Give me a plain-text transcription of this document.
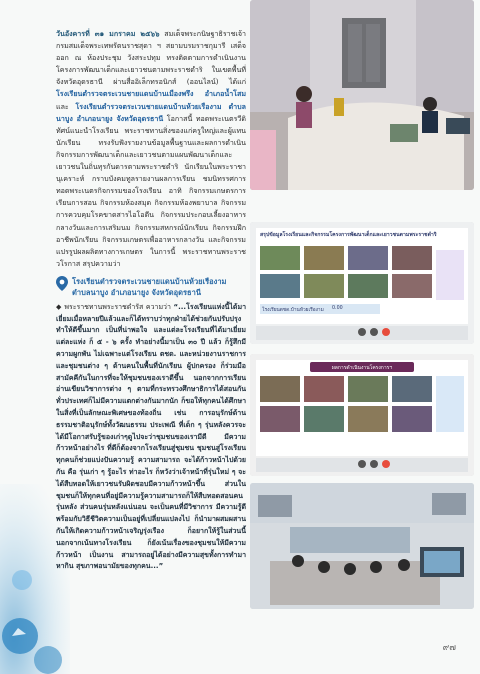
วันอังคารที่ ๓๑ มกราคม ๒๕๖๖ สมเด็จพระกนิษฐาธิราชเจ้า กรมสมเด็จพระเทพรัตนราชสุดา ฯ สยามบรมราชกุมารี เสด็จออก ณ ห้องประชุม วังสระปทุม ทรงติดตามการดำเนินงานโครงการพัฒนาเด็กและเยาวชนตามพระราชดำริ ในเขตพื้นที่จังหวัดอุดรธานี ผ่านสื่ออิเล็กทรอนิกส์ (ออนไลน์) ได้แก่ โรงเรียนตำรวจตระเวนชายแดนบ้านเมืองพรึง อำเภอน้ำโสม และ โรงเรียนตำรวจตระเวนชายแดนบ้านห้วยเรืองาม ตำบลนาบูง อำเภอนายูง จังหวัดอุดรธานี โอกาสนี้ ทอดพระเนตรวีดิทัศน์แนะนำโรงเรียน พระราชทานสิ่งของแก่ครูใหญ่และผู้แทนนักเรียน ทรงรับฟังรายงานข้อมูลพื้นฐานและผลการดำเนินกิจกรรมการพัฒนาเด็กและเยาวชนตามแผนพัฒนาเด็กและเยาวชนในถิ่นทุรกันดารตามพระราชดำริ นักเรียนในพระราชานุเคราะห์ กราบบังคมทูลรายงานผลการเรียน ชมนิทรรศการ ทอดพระเนตรกิจกรรมของโรงเรียน อาทิ กิจกรรมเกษตรการเรียนการสอน กิจกรรมห้องสมุด กิจกรรมห้องพยาบาล กิจกรรมการควบคุมโรคขาดสารไอโอดีน กิจกรรมประกอบเลี้ยงอาหารกลางวันและการเสริมนม กิจกรรมสหกรณ์นักเรียน กิจกรรมฝึกอาชีพนักเรียน กิจกรรมเกษตรเพื่ออาหารกลางวัน และกิจกรรมแปรรูปผลผลิตทางการเกษตร ในการนี้ พระราชทานพระราชวโรกาส สรุปความว่า

โรงเรียนตำรวจตระเวนชายแดนบ้านห้วยเรืองาม ตำบลนาบูง อำเภอนายูง จังหวัดอุดรธานี

◆ พระราชทานพระราชดำรัส ความว่า “...โรงเรียนแห่งนี้ได้มาเยี่ยมเมื่อหลายปีแล้วและก็ได้ทราบว่าทุกฝ่ายได้ช่วยกันปรับปรุง ทำให้ดีขึ้นมาก เป็นที่น่าพอใจ และแต่ละโรงเรียนที่ได้มาเยี่ยมแต่ละแห่ง ก็ ๕ - ๖ ครั้ง ทำอย่างนี้มาเป็น ๓๐ ปี แล้ว ก็รู้สึกมีความผูกพัน ไม่เฉพาะแต่โรงเรียน ตชด. และหน่วยงานราชการและชุมชนต่าง ๆ ด้านคนในพื้นที่นักเรียน ผู้ปกครอง ก็ร่วมมือสามัคคีกันในการที่จะให้ชุมชนของเราดีขึ้น นอกจากการเรียนอ่านเขียนวิชาการต่าง ๆ ตามที่กระทรวงศึกษาธิการได้สอนกันทั่วประเทศก็ไม่มีความแตกต่างกันมากนัก ก็ขอให้ทุกคนได้ศึกษาในสิ่งที่เป็นลักษณะพิเศษของท้องถิ่น เช่น การอนุรักษ์ด้านธรรมชาติอนุรักษ์ทั้งวัฒนธรรม ประเพณี ที่เด็ก ๆ รุ่นหลังควรจะได้มีโอกาสรับรู้ของเก่าๆดูไปจะว่าชุมชนของเรามีดี มีความก้าวหน้าอย่างไร ที่ดีก็ต้องจากโรงเรียนสู่ชุมชน ชุมชนสู่โรงเรียน ทุกคนก็ช่วยแบ่งปันความรู้ ความสามารถ จะได้ก้าวหน้าไปด้วยกัน คือ รุ่นเก่า ๆ รู้อะไร ท่าอะไร ก็หวังว่าเจ้าหน้าที่รุ่นใหม่ ๆ จะได้สืบทอดให้เยาวชนรับผิดชอบมีความก้าวหน้าขึ้น ส่วนในชุมชนก็ให้ทุกคนที่อยู่มีความรู้ความสามารถก็ให้สืบทอดสอนคนรุ่นหลัง ส่วนคนรุ่นหลังแน่นอน จะเป็นคนที่มีวิชาการ มีความรู้ดี พร้อมกับวิธีชีวิตความเป็นอยู่ที่เปลี่ยนแปลงไป ก็นำมาผสมผสานกันให้เกิดความก้าวหน้าเจริญรุ่งเรือง ก็อยากให้รู้ในส่วนนี้นอกจากเน้นทางโรงเรียน ก็ยังเน้นเรื่องของชุมชนให้มีความก้าวหน้า เป็นงาน สามารถอยู่ได้อย่างมีความสุขทั้งการทำมาหากิน สุขภาพอนามัยของทุกคน...”

สรุปข้อมูลโรงเรียนและกิจกรรมโครงการพัฒนาเด็กและเยาวชนตามพระราชดำริ
โรงเรียนตชด.บ้านห้วยเรืองาม 0.00
ผลการดำเนินงานโครงการฯ
๙๗
